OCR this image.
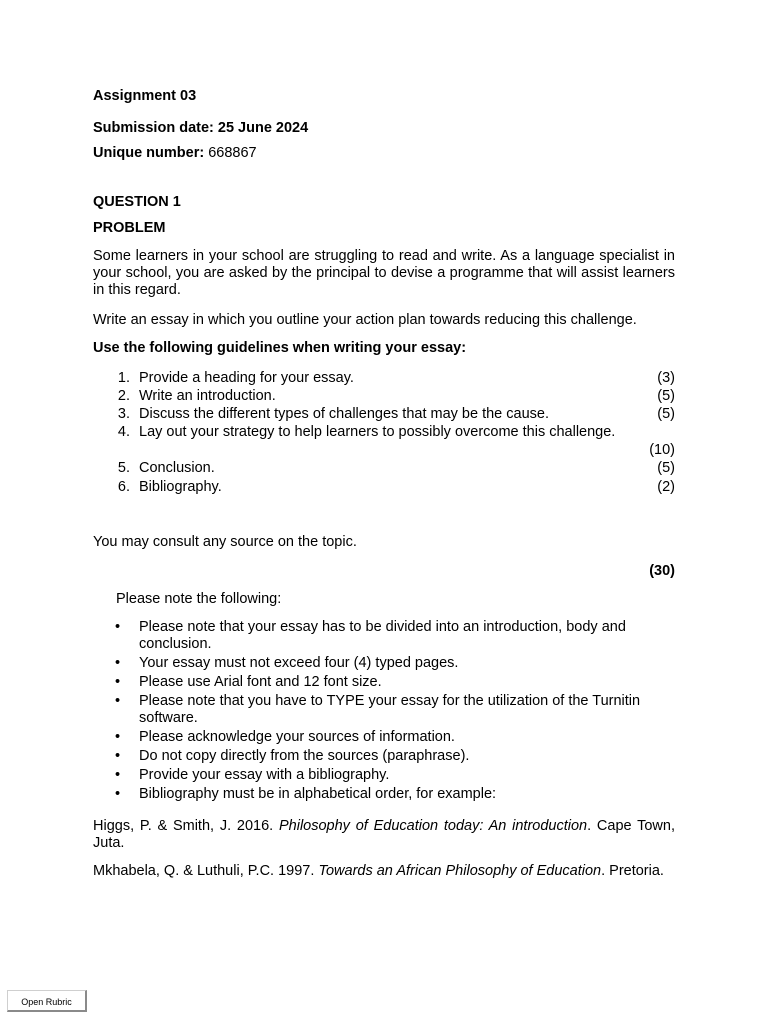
Assignment 03
Submission date: 25 June 2024
Unique number: 668867
QUESTION 1
PROBLEM
Some learners in your school are struggling to read and write. As a language specialist in your school, you are asked by the principal to devise a programme that will assist learners in this regard.
Write an essay in which you outline your action plan towards reducing this challenge.
Use the following guidelines when writing your essay:
1. Provide a heading for your essay.	(3)
2. Write an introduction.	(5)
3. Discuss the different types of challenges that may be the cause.	(5)
4. Lay out your strategy to help learners to possibly overcome this challenge.
(10)
5. Conclusion.	(5)
6. Bibliography.	(2)
You may consult any source on the topic.
(30)
Please note the following:
• Please note that your essay has to be divided into an introduction, body and conclusion.
• Your essay must not exceed four (4) typed pages.
• Please use Arial font and 12 font size.
• Please note that you have to TYPE your essay for the utilization of the Turnitin software.
• Please acknowledge your sources of information.
• Do not copy directly from the sources (paraphrase).
• Provide your essay with a bibliography.
• Bibliography must be in alphabetical order, for example:
Higgs, P. & Smith, J. 2016. Philosophy of Education today: An introduction. Cape Town, Juta.
Mkhabela, Q. & Luthuli, P.C. 1997. Towards an African Philosophy of Education. Pretoria.
Open Rubric
